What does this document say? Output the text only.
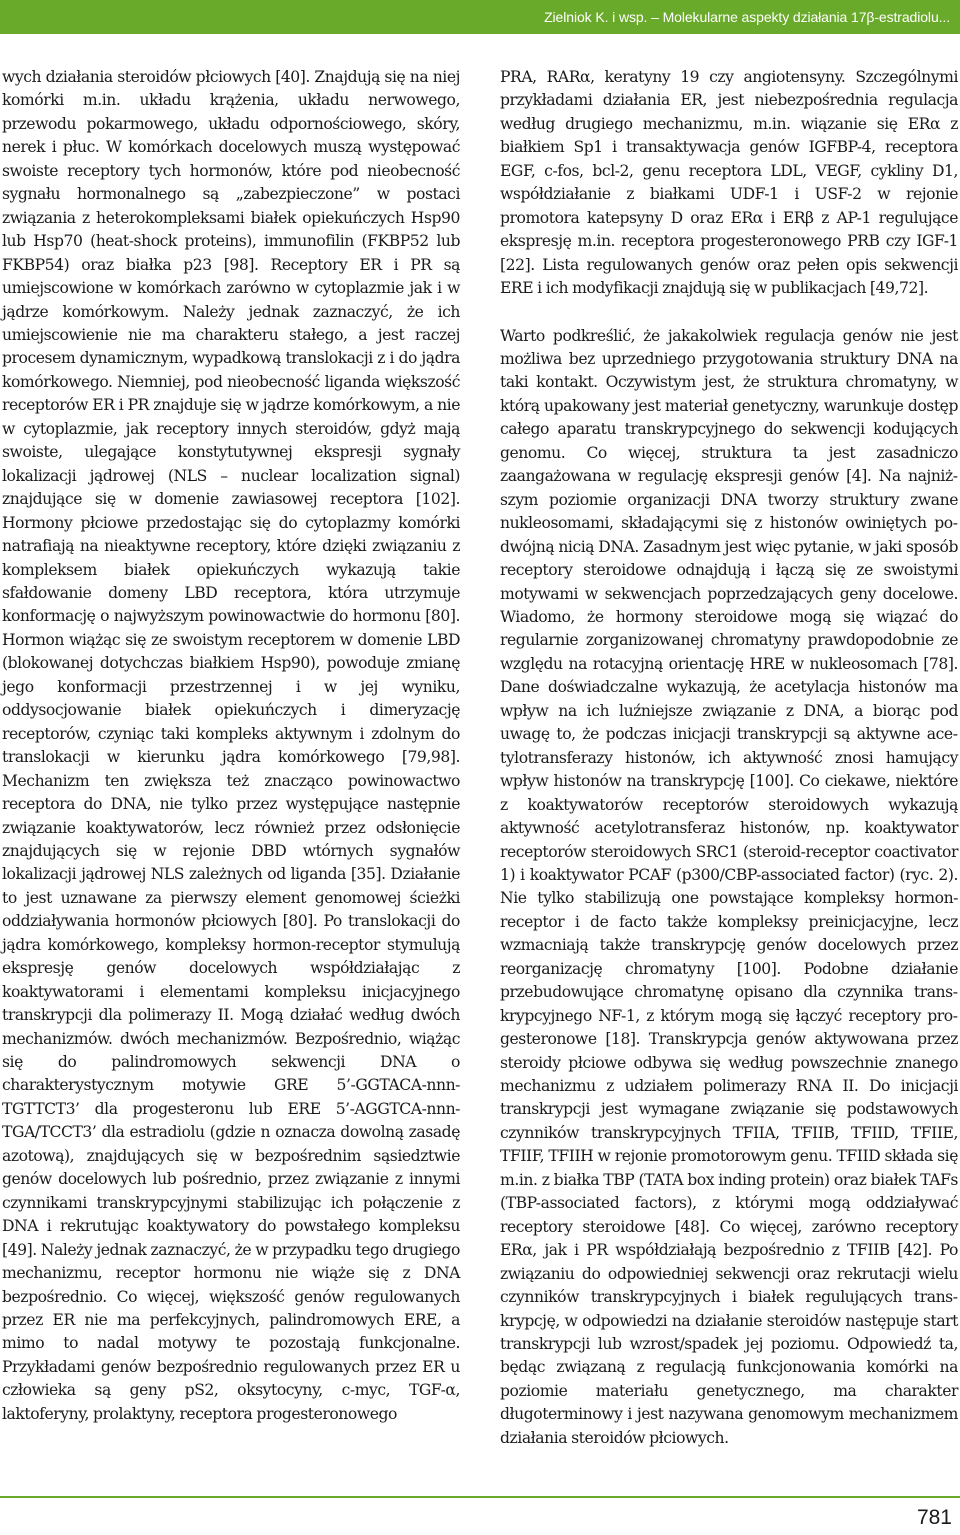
Zielniok K. i wsp. – Molekularne aspekty działania 17β-estradiolu...

wych działania steroidów płciowych [40]. Znajdują się na niej komórki m.in. układu krążenia, układu nerwowego, przewodu pokarmowego, układu odpornościowego, skóry, nerek i płuc. W komórkach docelowych muszą występować swoiste receptory tych hormonów, które pod nieobecność sygnału hormonalnego są „zabezpieczone” w postaci związania z heterokompleksami białek opiekuńczych Hsp90 lub Hsp70 (heat-shock proteins), immunofilin (FKBP52 lub FKBP54) oraz białka p23 [98]. Receptory ER i PR są umiejscowione w komórkach zarówno w cytoplazmie jak i w jądrze komórkowym. Należy jednak zaznaczyć, że ich umiejscowienie nie ma charakteru stałego, a jest raczej procesem dynamicznym, wypadkową translokacji z i do jądra komórkowego. Niemniej, pod nieobecność liganda większość receptorów ER i PR znajduje się w jądrze komórkowym, a nie w cytoplazmie, jak receptory innych steroidów, gdyż mają swoiste, ulegające konstytutywnej ekspresji sygnały lokalizacji jądrowej (NLS – nuclear localization signal) znajdujące się w domenie zawiasowej receptora [102]. Hormony płciowe przedostając się do cytoplazmy komórki natrafiają na nieaktywne receptory, które dzięki związaniu z kompleksem białek opiekuńczych wykazują takie sfałdowanie domeny LBD receptora, która utrzymuje konformację o najwyższym powinowactwie do hormonu [80]. Hormon wiążąc się ze swoistym receptorem w domenie LBD (blokowanej dotychczas białkiem Hsp90), powoduje zmianę jego konformacji przestrzennej i w jej wyniku, oddysocjowanie białek opiekuńczych i dimeryzację receptorów, czyniąc taki kompleks aktywnym i zdolnym do translokacji w kierunku jądra komórkowego [79,98]. Mechanizm ten zwiększa też znacząco powinowactwo receptora do DNA, nie tylko przez występujące następnie związanie koaktywatorów, lecz również przez odsłonięcie znajdujących się w rejonie DBD wtórnych sygnałów lokalizacji jądrowej NLS zależnych od liganda [35]. Działanie to jest uznawane za pierwszy element genomowej ścieżki oddziaływania hormonów płciowych [80]. Po translokacji do jądra komórkowego, kompleksy hormon-receptor stymulują ekspresję genów docelowych współdziałając z koaktywatorami i elementami kompleksu inicjacyjnego transkrypcji dla polimerazy II. Mogą działać według dwóch mechanizmów. dwóch mechanizmów. Bezpośrednio, wiążąc się do palindromowych sekwencji DNA o charakterystycznym motywie GRE 5’-GGTACA-nnn-TGTTCT3’ dla progesteronu lub ERE 5’-AGGTCA-nnn-TGA/TCCT3’ dla estradiolu (gdzie n oznacza dowolną zasadę azotową), znajdujących się w bezpośrednim sąsiedztwie genów docelowych lub pośrednio, przez związanie z innymi czynnikami transkrypcyjnymi stabilizując ich połączenie z DNA i rekrutując koaktywatory do powstałego kompleksu [49]. Należy jednak zaznaczyć, że w przypadku tego drugiego mechanizmu, receptor hormonu nie wiąże się z DNA bezpośrednio. Co więcej, większość genów regulowanych przez ER nie ma perfekcyjnych, palindromowych ERE, a mimo to nadal motywy te pozostają funkcjonalne. Przykładami genów bezpośrednio regulowanych przez ER u człowieka są geny pS2, oksytocyny, c-myc, TGF-α, laktoferyny, prolaktyny, receptora progesteronowego

PRA, RARα, keratyny 19 czy angiotensyny. Szczególnymi przykładami działania ER, jest niebezpośrednia regulacja według drugiego mechanizmu, m.in. wiązanie się ERα z białkiem Sp1 i transaktywacja genów IGFBP-4, receptora EGF, c-fos, bcl-2, genu receptora LDL, VEGF, cykliny D1, współdziałanie z białkami UDF-1 i USF-2 w rejonie promotora katepsyny D oraz ERα i ERβ z AP-1 regulujące ekspresję m.in. receptora progesteronowego PRB czy IGF-1 [22]. Lista regulowanych genów oraz pełen opis sekwencji ERE i ich modyfikacji znajdują się w publikacjach [49,72].

Warto podkreślić, że jakakolwiek regulacja genów nie jest możliwa bez uprzedniego przygotowania struktury DNA na taki kontakt. Oczywistym jest, że struktura chromatyny, w którą upakowany jest materiał genetyczny, warunkuje dostęp całego aparatu transkrypcyjnego do sekwencji kodujących genomu. Co więcej, struktura ta jest zasadniczo zaangażowana w regulację ekspresji genów [4]. Na najniższym poziomie organizacji DNA tworzy struktury zwane nukleosomami, składającymi się z histonów owiniętych podwójną nicią DNA. Zasadnym jest więc pytanie, w jaki sposób receptory steroidowe odnajdują i łączą się ze swoistymi motywami w sekwencjach poprzedzających geny docelowe. Wiadomo, że hormony steroidowe mogą się wiązać do regularnie zorganizowanej chromatyny prawdopodobnie ze względu na rotacyjną orientację HRE w nukleosomach [78]. Dane doświadczalne wykazują, że acetylacja histonów ma wpływ na ich luźniejsze związanie z DNA, a biorąc pod uwagę to, że podczas inicjacji transkrypcji są aktywne acetylotransferazy histonów, ich aktywność znosi hamujący wpływ histonów na transkrypcję [100]. Co ciekawe, niektóre z koaktywatorów receptorów steroidowych wykazują aktywność acetylotransferaz histonów, np. koaktywator receptorów steroidowych SRC1 (steroid-receptor coactivator 1) i koaktywator PCAF (p300/CBP-associated factor) (ryc. 2). Nie tylko stabilizują one powstające kompleksy hormon-receptor i de facto także kompleksy preinicjacyjne, lecz wzmacniają także transkrypcję genów docelowych przez reorganizację chromatyny [100]. Podobne działanie przebudowujące chromatynę opisano dla czynnika transkrypcyjnego NF-1, z którym mogą się łączyć receptory progesteronowe [18]. Transkrypcja genów aktywowana przez steroidy płciowe odbywa się według powszechnie znanego mechanizmu z udziałem polimerazy RNA II. Do inicjacji transkrypcji jest wymagane związanie się podstawowych czynników transkrypcyjnych TFIIA, TFIIB, TFIID, TFIIE, TFIIF, TFIIH w rejonie promotorowym genu. TFIID składa się m.in. z białka TBP (TATA box inding protein) oraz białek TAFs (TBP-associated factors), z którymi mogą oddziaływać receptory steroidowe [48]. Co więcej, zarówno receptory ERα, jak i PR współdziałają bezpośrednio z TFIIB [42]. Po związaniu do odpowiedniej sekwencji oraz rekrutacji wielu czynników transkrypcyjnych i białek regulujących transkrypcję, w odpowiedzi na działanie steroidów następuje start transkrypcji lub wzrost/spadek jej poziomu. Odpowiedź ta, będąc związaną z regulacją funkcjonowania komórki na poziomie materiału genetycznego, ma charakter długoterminowy i jest nazywana genomowym mechanizmem działania steroidów płciowych.

781
